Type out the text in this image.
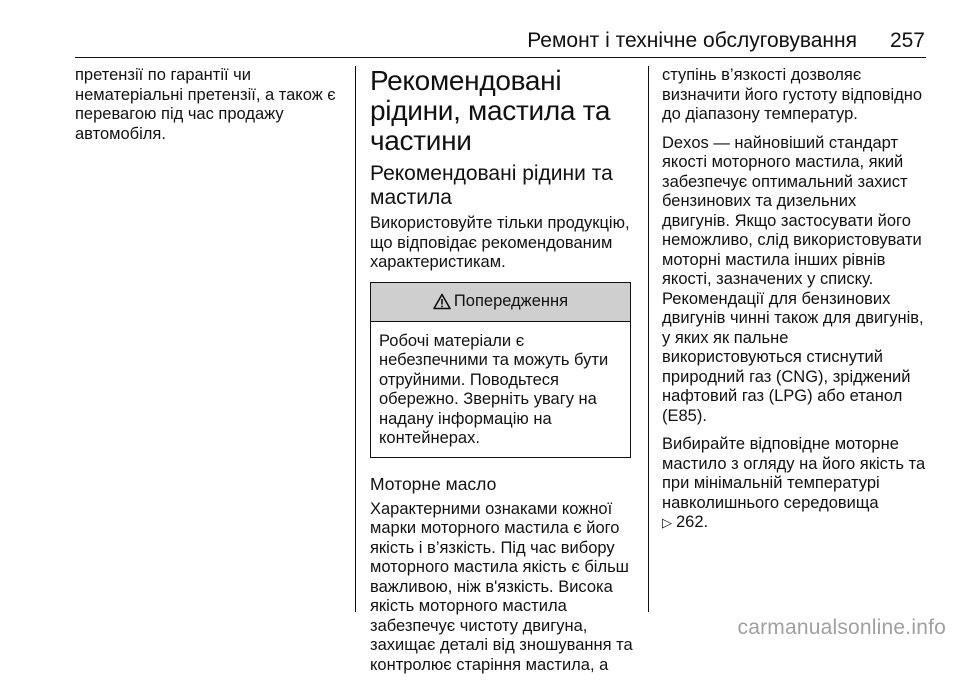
Ремонт і технічне обслуговування 257

претензії по гарантії чи нематеріальні претензії, а також є перевагою під час продажу автомобіля.

Рекомендовані рідини, мастила та частини
Рекомендовані рідини та мастила

Використовуйте тільки продукцію, що відповідає рекомендованим характеристикам.

Попередження
Робочі матеріали є небезпечними та можуть бути отруйними. Поводьтеся обережно. Зверніть увагу на надану інформацію на контейнерах.
Моторне масло

Характерними ознаками кожної марки моторного мастила є його якість і в’язкість. Під час вибору моторного мастила якість є більш важливою, ніж в'язкість. Висока якість моторного мастила забезпечує чистоту двигуна, захищає деталі від зношування та контролює старіння мастила, а

ступінь в’язкості дозволяє визначити його густоту відповідно до діапазону температур.

Dexos — найновіший стандарт якості моторного мастила, який забезпечує оптимальний захист бензинових та дизельних двигунів. Якщо застосувати його неможливо, слід використовувати моторні мастила інших рівнів якості, зазначених у списку. Рекомендації для бензинових двигунів чинні також для двигунів, у яких як пальне використовуються стиснутий природний газ (CNG), зріджений нафтовий газ (LPG) або етанол (E85).

Вибирайте відповідне моторне мастило з огляду на його якість та при мінімальній температурі навколишнього середовища
▷ 262.

carmanualsonline.info
